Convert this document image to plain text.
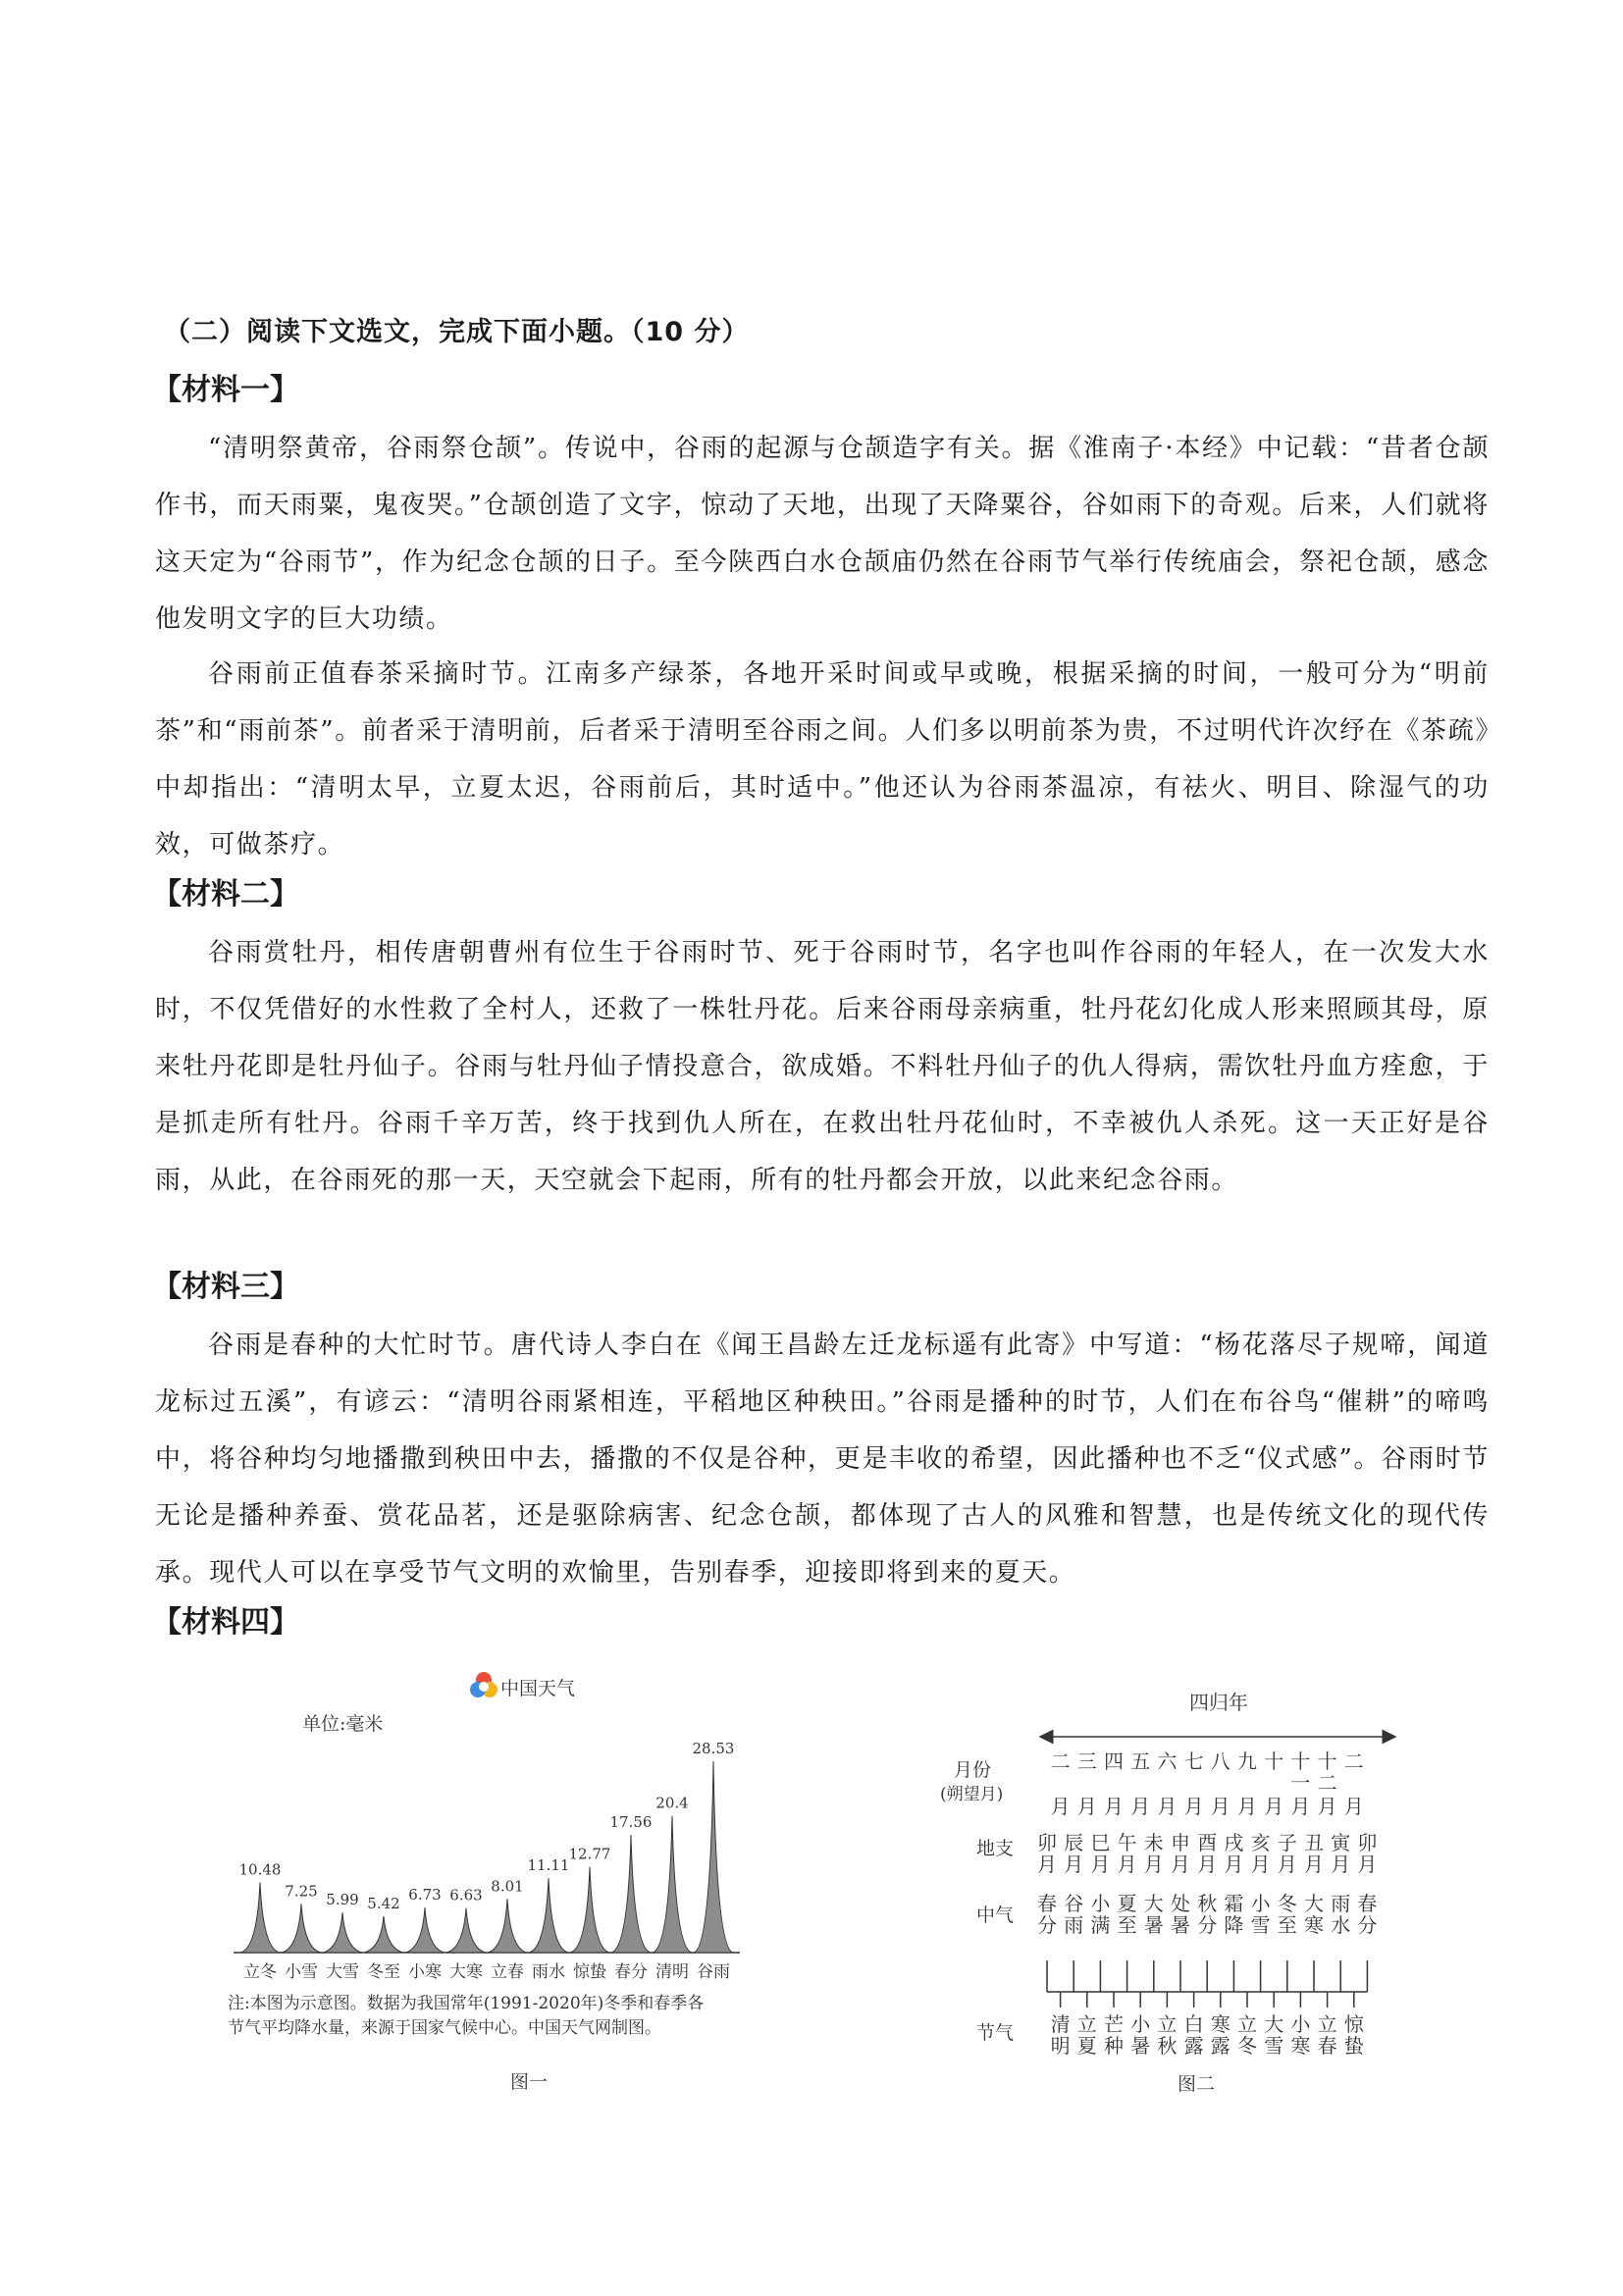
（二）阅读下文选文，完成下面小题。（10 分）
【材料一】

“清明祭黄帝，谷雨祭仓颉”。传说中，谷雨的起源与仓颉造字有关。据《淮南子·本经》中记载：“昔者仓颉作书，而天雨粟，鬼夜哭。”仓颉创造了文字，惊动了天地，出现了天降粟谷，谷如雨下的奇观。后来，人们就将这天定为“谷雨节”，作为纪念仓颉的日子。至今陕西白水仓颉庙仍然在谷雨节气举行传统庙会，祭祀仓颉，感念他发明文字的巨大功绩。

谷雨前正值春茶采摘时节。江南多产绿茶，各地开采时间或早或晚，根据采摘的时间，一般可分为“明前茶”和“雨前茶”。前者采于清明前，后者采于清明至谷雨之间。人们多以明前茶为贵，不过明代许次纾在《茶疏》中却指出：“清明太早，立夏太迟，谷雨前后，其时适中。”他还认为谷雨茶温凉，有祛火、明目、除湿气的功效，可做茶疗。

【材料二】

谷雨赏牡丹，相传唐朝曹州有位生于谷雨时节、死于谷雨时节，名字也叫作谷雨的年轻人，在一次发大水时，不仅凭借好的水性救了全村人，还救了一株牡丹花。后来谷雨母亲病重，牡丹花幻化成人形来照顾其母，原来牡丹花即是牡丹仙子。谷雨与牡丹仙子情投意合，欲成婚。不料牡丹仙子的仇人得病，需饮牡丹血方痊愈，于是抓走所有牡丹。谷雨千辛万苦，终于找到仇人所在，在救出牡丹花仙时，不幸被仇人杀死。这一天正好是谷雨，从此，在谷雨死的那一天，天空就会下起雨，所有的牡丹都会开放，以此来纪念谷雨。

【材料三】

谷雨是春种的大忙时节。唐代诗人李白在《闻王昌龄左迁龙标遥有此寄》中写道：“杨花落尽子规啼，闻道龙标过五溪”，有谚云：“清明谷雨紧相连，平稻地区种秧田。”谷雨是播种的时节，人们在布谷鸟“催耕”的啼鸣中，将谷种均匀地播撒到秧田中去，播撒的不仅是谷种，更是丰收的希望，因此播种也不乏“仪式感”。谷雨时节无论是播种养蚕、赏花品茗，还是驱除病害、纪念仓颉，都体现了古人的风雅和智慧，也是传统文化的现代传承。现代人可以在享受节气文明的欢愉里，告别春季，迎接即将到来的夏天。

【材料四】
中国天气
单位:毫米
10.48
立冬
7.25
小雪
5.99
大雪
5.42
冬至
6.73
小寒
6.63
大寒
8.01
立春
11.11
雨水
12.77
惊蛰
17.56
春分
20.4
清明
28.53
谷雨
注:本图为示意图。数据为我国常年(1991-2020年)冬季和春季各
节气平均降水量，来源于国家气候中心。中国天气网制图。
图一
四归年
月份
(朔望月)
地支
中气
节气
二 三 四 五 六 七 八 九 十 十 十 二
一 二
月 月 月 月 月 月 月 月 月 月 月 月
卯 辰 巳 午 未 申 酉 戌 亥 子 丑 寅 卯
月 月 月 月 月 月 月 月 月 月 月 月 月
春 谷 小 夏 大 处 秋 霜 小 冬 大 雨 春
分 雨 满 至 暑 暑 分 降 雪 至 寒 水 分
清 立 芒 小 立 白 寒 立 大 小 立 惊
明 夏 种 暑 秋 露 露 冬 雪 寒 春 蛰
图二
